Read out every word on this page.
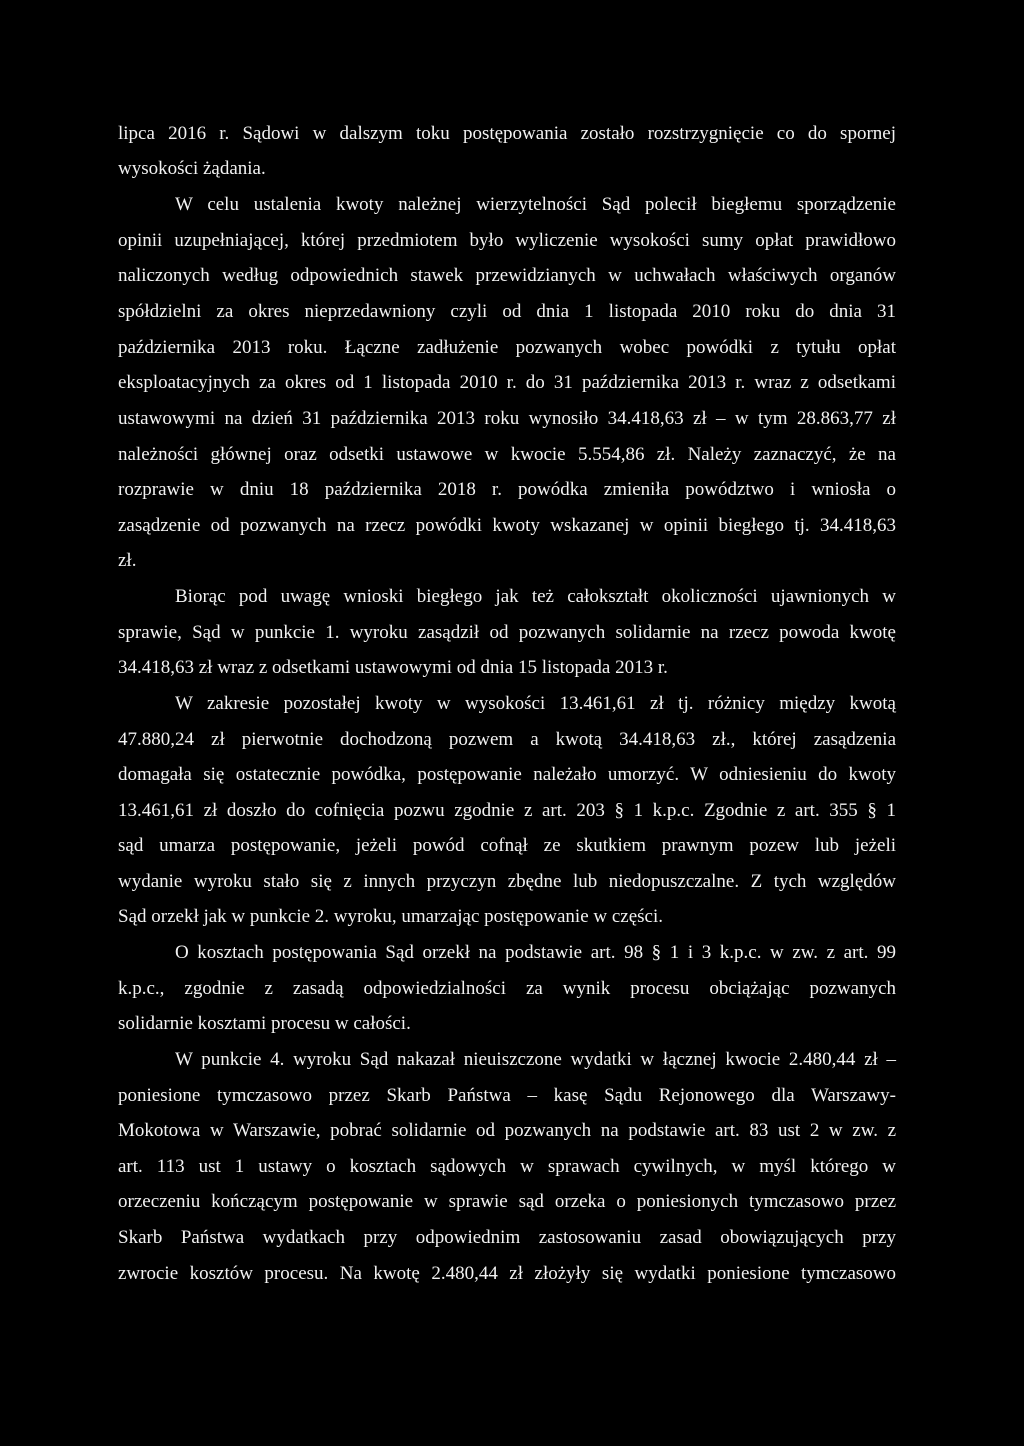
lipca 2016 r. Sądowi w dalszym toku postępowania zostało rozstrzygnięcie co do spornej
wysokości żądania.
W celu ustalenia kwoty należnej wierzytelności Sąd polecił biegłemu sporządzenie
opinii uzupełniającej, której przedmiotem było wyliczenie wysokości sumy opłat prawidłowo
naliczonych według odpowiednich stawek przewidzianych w uchwałach właściwych organów
spółdzielni za okres nieprzedawniony czyli od dnia 1 listopada 2010 roku do dnia 31
października 2013 roku. Łączne zadłużenie pozwanych wobec powódki z tytułu opłat
eksploatacyjnych za okres od 1 listopada 2010 r. do 31 października 2013 r. wraz z odsetkami
ustawowymi na dzień 31 października 2013 roku wynosiło 34.418,63 zł – w tym 28.863,77 zł
należności głównej oraz odsetki ustawowe w kwocie 5.554,86 zł. Należy zaznaczyć, że na
rozprawie w dniu 18 października 2018 r. powódka zmieniła powództwo i wniosła o
zasądzenie od pozwanych na rzecz powódki kwoty wskazanej w opinii biegłego tj. 34.418,63
zł.
Biorąc pod uwagę wnioski biegłego jak też całokształt okoliczności ujawnionych w
sprawie, Sąd w punkcie 1. wyroku zasądził od pozwanych solidarnie na rzecz powoda kwotę
34.418,63 zł wraz z odsetkami ustawowymi od dnia 15 listopada 2013 r.
W zakresie pozostałej kwoty w wysokości 13.461,61 zł tj. różnicy między kwotą
47.880,24 zł pierwotnie dochodzoną pozwem a kwotą 34.418,63 zł., której zasądzenia
domagała się ostatecznie powódka, postępowanie należało umorzyć. W odniesieniu do kwoty
13.461,61 zł doszło do cofnięcia pozwu zgodnie z art. 203 § 1 k.p.c. Zgodnie z art. 355 § 1
sąd umarza postępowanie, jeżeli powód cofnął ze skutkiem prawnym pozew lub jeżeli
wydanie wyroku stało się z innych przyczyn zbędne lub niedopuszczalne. Z tych względów
Sąd orzekł jak w punkcie 2. wyroku, umarzając postępowanie w części.
O kosztach postępowania Sąd orzekł na podstawie art. 98 § 1 i 3 k.p.c. w zw. z art. 99
k.p.c., zgodnie z zasadą odpowiedzialności za wynik procesu obciążając pozwanych
solidarnie kosztami procesu w całości.
W punkcie 4. wyroku Sąd nakazał nieuiszczone wydatki w łącznej kwocie 2.480,44 zł –
poniesione tymczasowo przez Skarb Państwa – kasę Sądu Rejonowego dla Warszawy-
Mokotowa w Warszawie, pobrać solidarnie od pozwanych na podstawie art. 83 ust 2 w zw. z
art. 113 ust 1 ustawy o kosztach sądowych w sprawach cywilnych, w myśl którego w
orzeczeniu kończącym postępowanie w sprawie sąd orzeka o poniesionych tymczasowo przez
Skarb Państwa wydatkach przy odpowiednim zastosowaniu zasad obowiązujących przy
zwrocie kosztów procesu. Na kwotę 2.480,44 zł złożyły się wydatki poniesione tymczasowo
